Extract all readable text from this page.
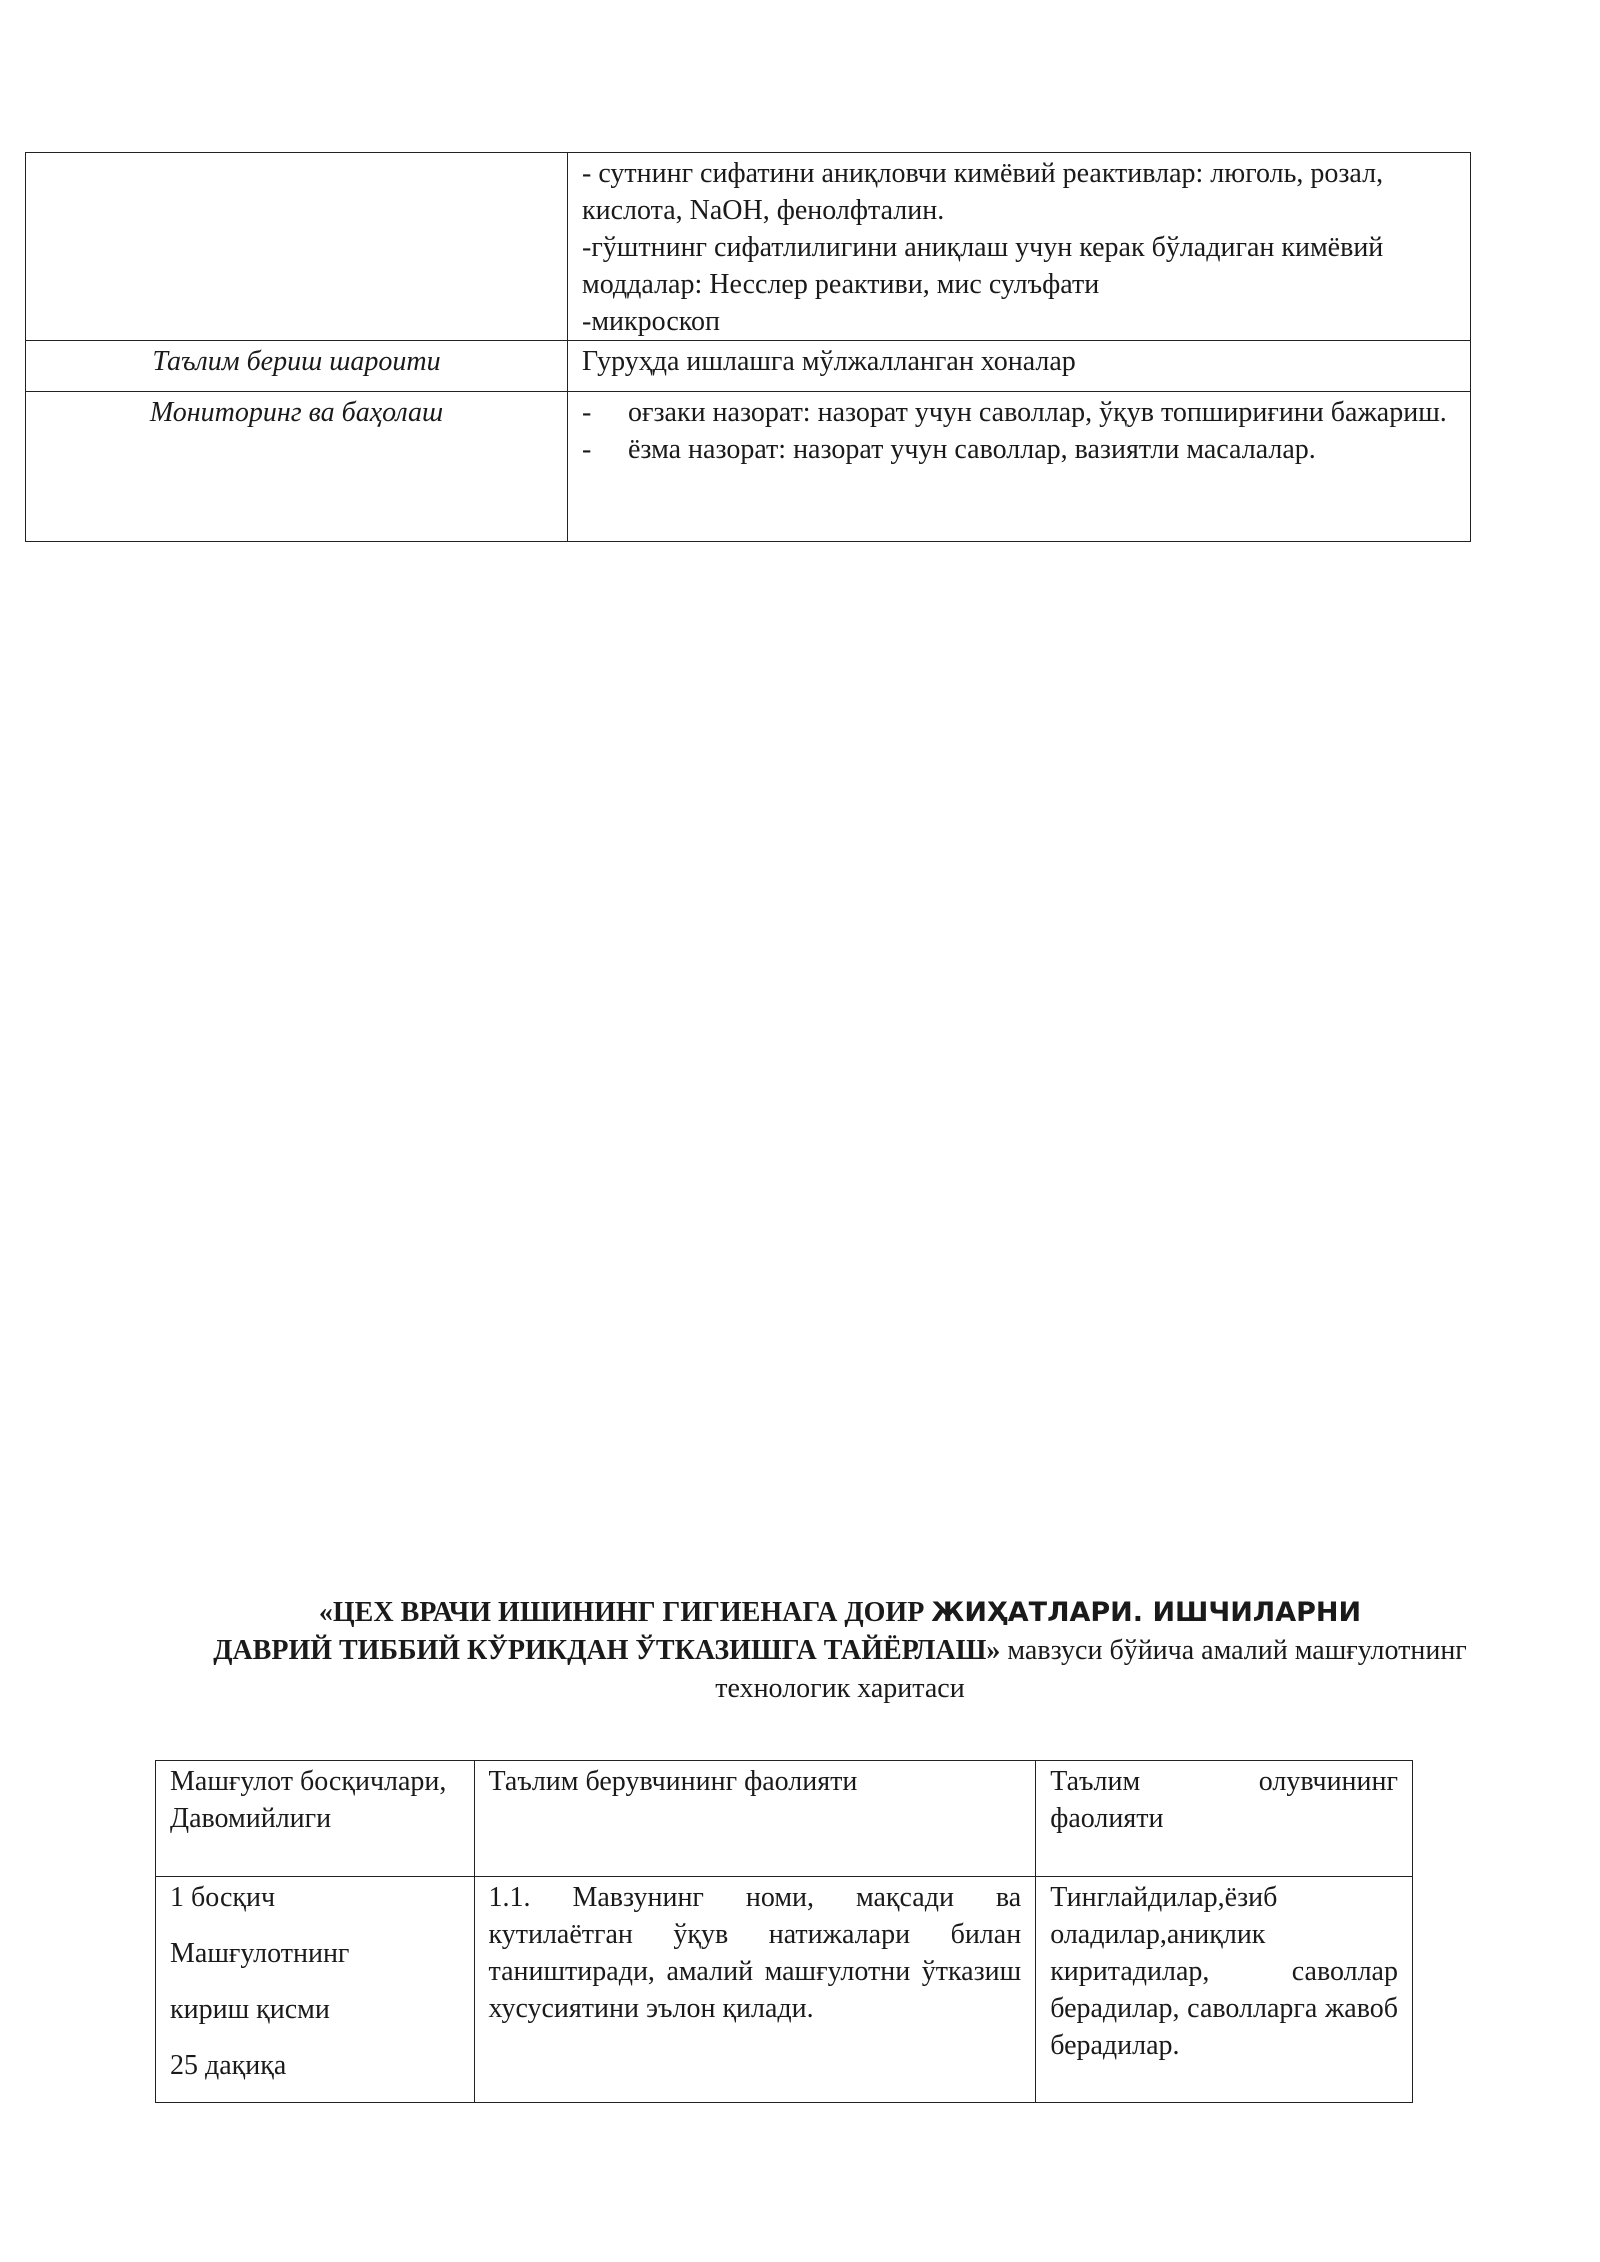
	- сутнинг сифатини аниқловчи кимёвий реактивлар: люголь, розал, кислота, NaOH, фенолфталин.
-гўштнинг сифатлилигини аниқлаш учун керак бўладиган кимёвий моддалар: Несслер реактиви, мис сулъфати
-микроскоп

Таълим бериш шароити	Гуруҳда ишлашга мўлжалланган хоналар
Мониторинг ва баҳолаш	- оғзаки назорат: назорат учун саволлар, ўқув топшириғини бажариш.
- ёзма назорат: назорат учун саволлар, вазиятли масалалар.
«ЦЕХ ВРАЧИ ИШИНИНГ ГИГИЕНАГА ДОИР ЖИҲАТЛАРИ. ИШЧИЛАРНИ
ДАВРИЙ ТИББИЙ КЎРИКДАН ЎТКАЗИШГА ТАЙЁРЛАШ» мавзуси бўйича амалий машғулотнинг технологик харитаси
Машғулот босқичлари, Давомийлиги	Таълим берувчининг фаолияти	Таълим олувчининг
фаолияти

1 босқич
Машғулотнинг
кириш қисми
25 дақиқа	1.1. Мавзунинг номи, мақсади ва кутилаётган ўқув натижалари билан таништиради, амалий машғулотни ўтказиш хусусиятини эълон қилади.	Тинглайдилар,ёзиб оладилар,аниқлик киритадилар, саволлар берадилар, саволларга жавоб берадилар.
